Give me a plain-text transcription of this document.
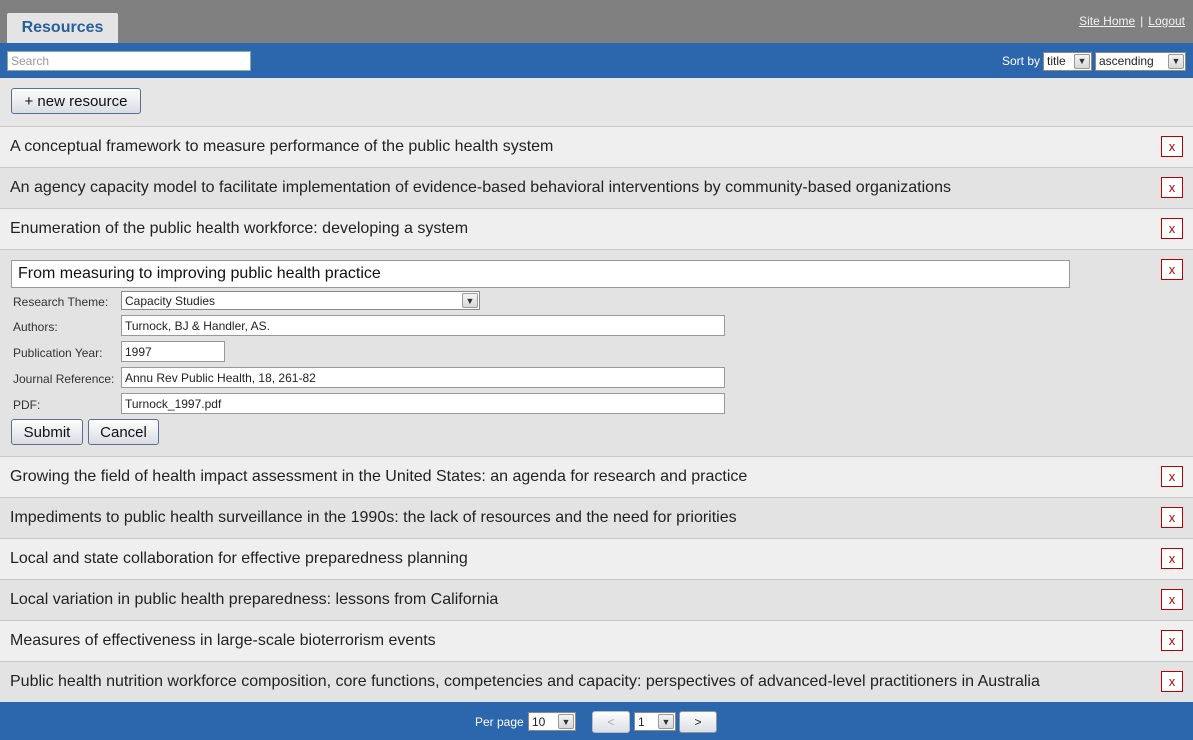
Resources	Site Home | Logout
Search
Sort by title	▼ ascending	▼
+ new resource
A conceptual framework to measure performance of the public health system	x
An agency capacity model to facilitate implementation of evidence-based behavioral interventions by community-based organizations	x
Enumeration of the public health workforce: developing a system	x
From measuring to improving public health practice
x
Research Theme: Capacity Studies	▼
Authors:
Turnock, BJ & Handler, AS.
Publication Year:
1997
Journal Reference:
Annu Rev Public Health, 18, 261-82
PDF:
Turnock_1997.pdf
Submit	Cancel
Growing the field of health impact assessment in the United States: an agenda for research and practice	x
Impediments to public health surveillance in the 1990s: the lack of resources and the need for priorities	x
Local and state collaboration for effective preparedness planning	x
Local variation in public health preparedness: lessons from California	x
Measures of effectiveness in large-scale bioterrorism events	x
Public health nutrition workforce composition, core functions, competencies and capacity: perspectives of advanced-level practitioners in Australia	x
Per page 10	▼	<	1	▼	>
